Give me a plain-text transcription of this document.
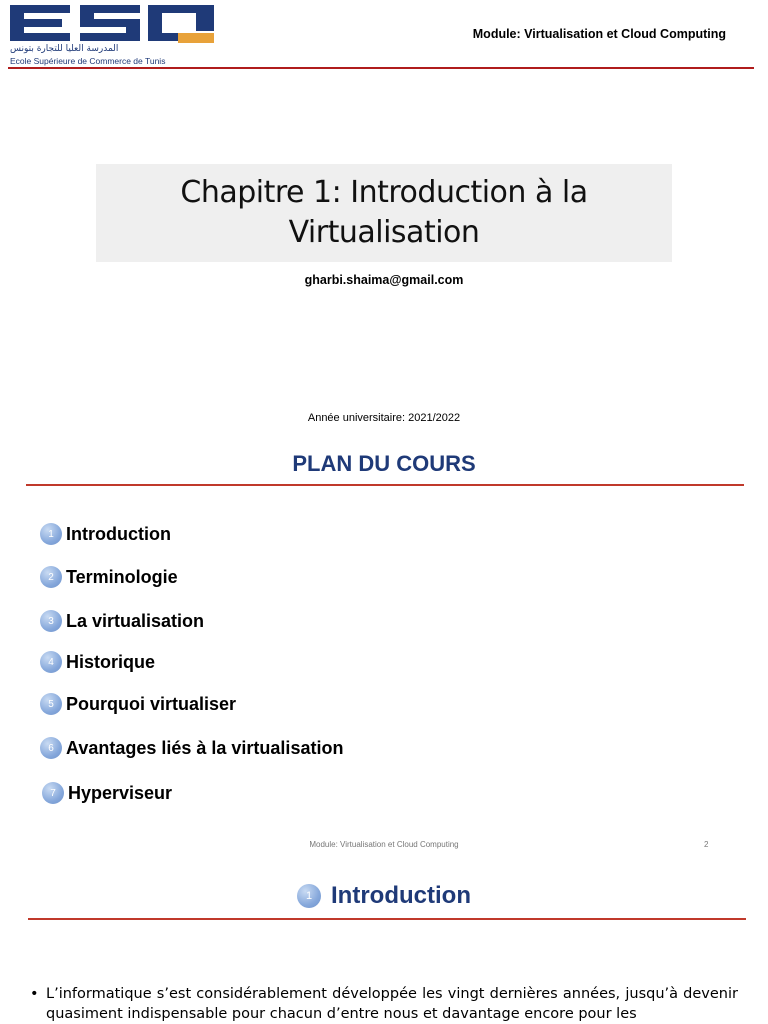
المدرسة العليا للتجارة بتونس
Ecole Supérieure de Commerce de Tunis
Module: Virtualisation et Cloud Computing
Chapitre 1: Introduction à la
Virtualisation
gharbi.shaima@gmail.com
Année universitaire: 2021/2022
PLAN DU COURS
1 Introduction
2 Terminologie
3 La virtualisation
4 Historique
5 Pourquoi virtualiser
6 Avantages liés à la virtualisation
7 Hyperviseur
Module: Virtualisation et Cloud Computing	2
1 Introduction
• L’informatique s’est considérablement développée les vingt dernières années, jusqu’à devenir quasiment indispensable pour chacun d’entre nous et davantage encore pour les
